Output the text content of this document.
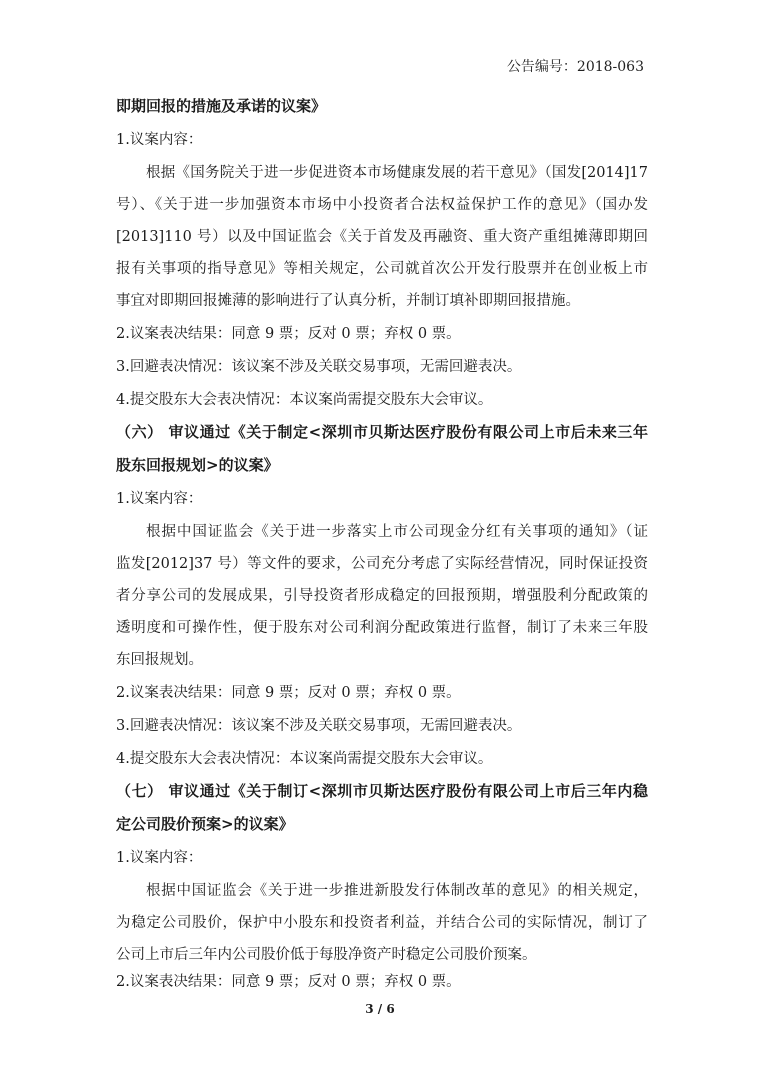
公告编号：2018-063
即期回报的措施及承诺的议案》
1.议案内容：
根据《国务院关于进一步促进资本市场健康发展的若干意见》（国发[2014]17
号）、《关于进一步加强资本市场中小投资者合法权益保护工作的意见》（国办发
[2013]110 号）以及中国证监会《关于首发及再融资、重大资产重组摊薄即期回
报有关事项的指导意见》等相关规定，公司就首次公开发行股票并在创业板上市
事宜对即期回报摊薄的影响进行了认真分析，并制订填补即期回报措施。
2.议案表决结果：同意 9 票；反对 0 票；弃权 0 票。
3.回避表决情况：该议案不涉及关联交易事项，无需回避表决。
4.提交股东大会表决情况：本议案尚需提交股东大会审议。
（六） 审议通过《关于制定<深圳市贝斯达医疗股份有限公司上市后未来三年
股东回报规划>的议案》
1.议案内容：
根据中国证监会《关于进一步落实上市公司现金分红有关事项的通知》（证
监发[2012]37 号）等文件的要求，公司充分考虑了实际经营情况，同时保证投资
者分享公司的发展成果，引导投资者形成稳定的回报预期，增强股利分配政策的
透明度和可操作性，便于股东对公司利润分配政策进行监督，制订了未来三年股
东回报规划。
2.议案表决结果：同意 9 票；反对 0 票；弃权 0 票。
3.回避表决情况：该议案不涉及关联交易事项，无需回避表决。
4.提交股东大会表决情况：本议案尚需提交股东大会审议。
（七） 审议通过《关于制订<深圳市贝斯达医疗股份有限公司上市后三年内稳
定公司股价预案>的议案》
1.议案内容：
根据中国证监会《关于进一步推进新股发行体制改革的意见》的相关规定，
为稳定公司股价，保护中小股东和投资者利益，并结合公司的实际情况，制订了
公司上市后三年内公司股价低于每股净资产时稳定公司股价预案。
2.议案表决结果：同意 9 票；反对 0 票；弃权 0 票。
3 / 6
